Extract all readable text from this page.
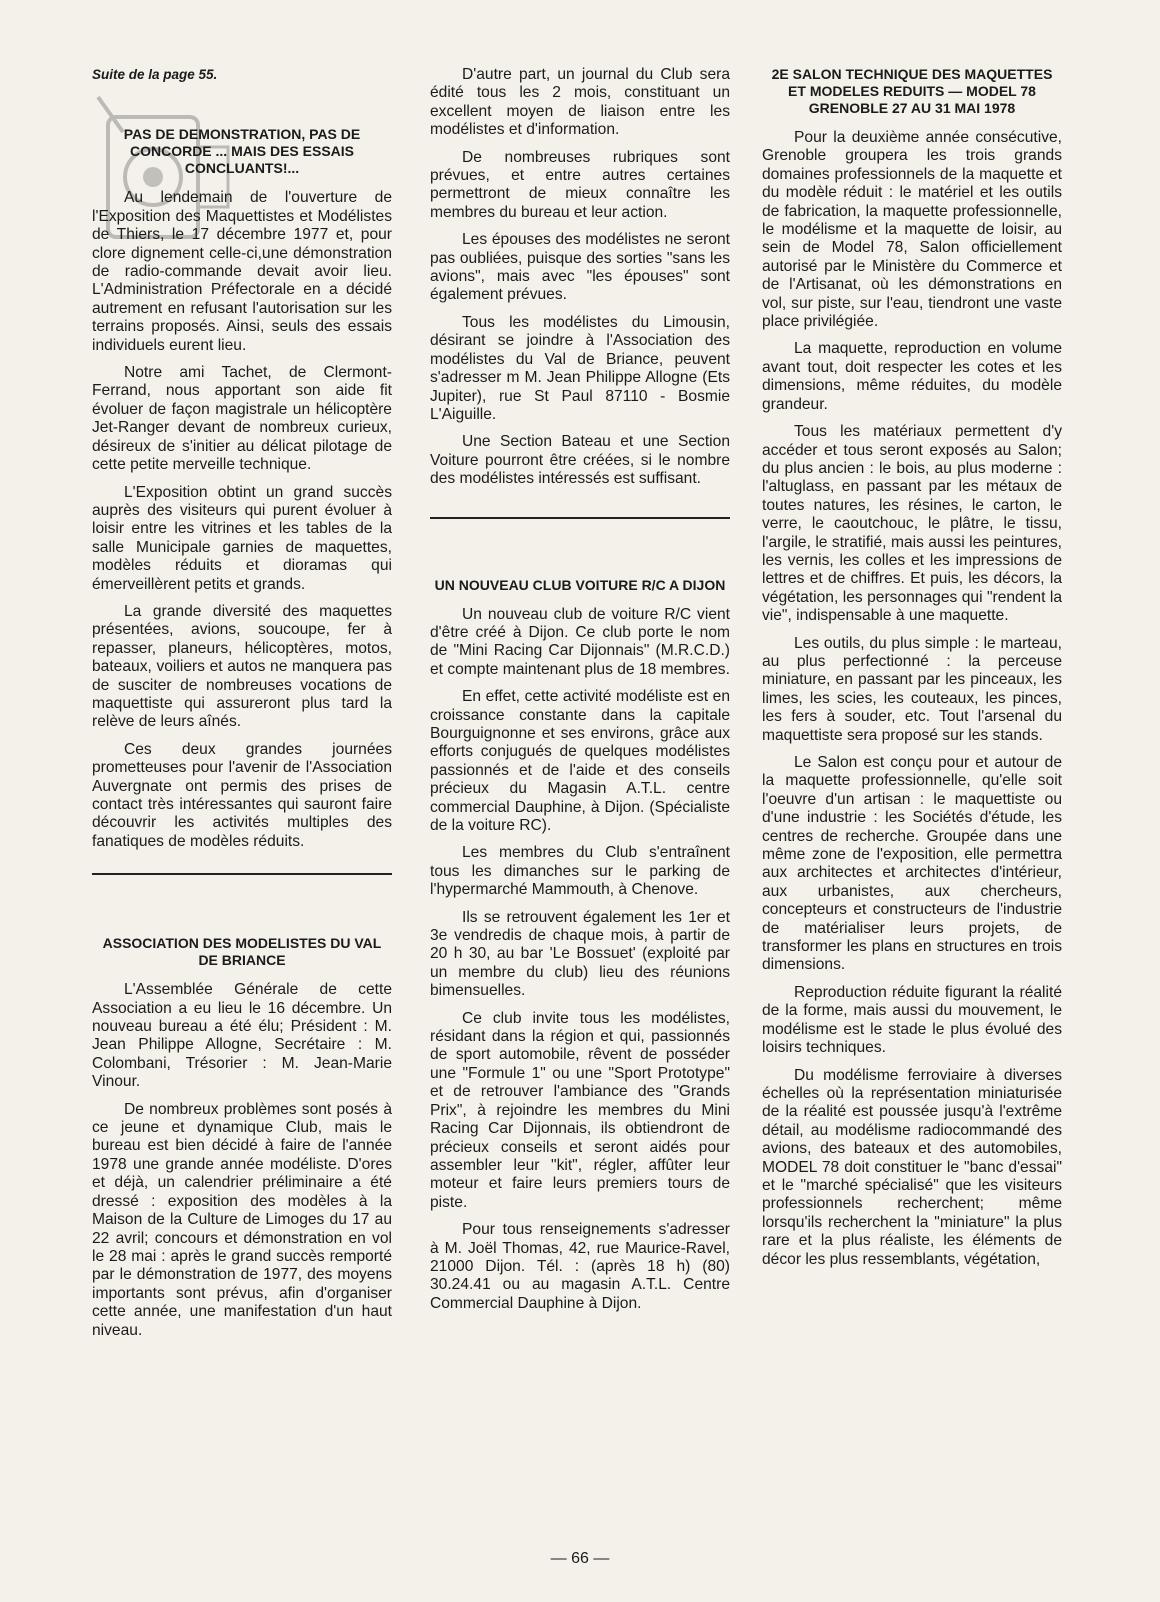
Suite de la page 55.

PAS DE DEMONSTRATION, PAS DE CONCORDE ... MAIS DES ESSAIS CONCLUANTS!...

Au lendemain de l'ouverture de l'Exposition des Maquettistes et Modélistes de Thiers, le 17 décembre 1977 et, pour clore dignement celle-ci,une démonstration de radio-commande devait avoir lieu. L'Administration Préfectorale en a décidé autrement en refusant l'autorisation sur les terrains proposés. Ainsi, seuls des essais individuels eurent lieu.

Notre ami Tachet, de Clermont-Ferrand, nous apportant son aide fit évoluer de façon magistrale un hélicoptère Jet-Ranger devant de nombreux curieux, désireux de s'initier au délicat pilotage de cette petite merveille technique.

L'Exposition obtint un grand succès auprès des visiteurs qui purent évoluer à loisir entre les vitrines et les tables de la salle Municipale garnies de maquettes, modèles réduits et dioramas qui émerveillèrent petits et grands.

La grande diversité des maquettes présentées, avions, soucoupe, fer à repasser, planeurs, hélicoptères, motos, bateaux, voiliers et autos ne manquera pas de susciter de nombreuses vocations de maquettiste qui assureront plus tard la relève de leurs aînés.

Ces deux grandes journées prometteuses pour l'avenir de l'Association Auvergnate ont permis des prises de contact très intéressantes qui sauront faire découvrir les activités multiples des fanatiques de modèles réduits.

ASSOCIATION DES MODELISTES DU VAL DE BRIANCE

L'Assemblée Générale de cette Association a eu lieu le 16 décembre. Un nouveau bureau a été élu; Président : M. Jean Philippe Allogne, Secrétaire : M. Colombani, Trésorier : M. Jean-Marie Vinour.

De nombreux problèmes sont posés à ce jeune et dynamique Club, mais le bureau est bien décidé à faire de l'année 1978 une grande année modéliste. D'ores et déjà, un calendrier préliminaire a été dressé : exposition des modèles à la Maison de la Culture de Limoges du 17 au 22 avril; concours et démonstration en vol le 28 mai : après le grand succès remporté par le démonstration de 1977, des moyens importants sont prévus, afin d'organiser cette année, une manifestation d'un haut niveau.

D'autre part, un journal du Club sera édité tous les 2 mois, constituant un excellent moyen de liaison entre les modélistes et d'information.

De nombreuses rubriques sont prévues, et entre autres certaines permettront de mieux connaître les membres du bureau et leur action.

Les épouses des modélistes ne seront pas oubliées, puisque des sorties "sans les avions", mais avec "les épouses" sont également prévues.

Tous les modélistes du Limousin, désirant se joindre à l'Association des modélistes du Val de Briance, peuvent s'adresser m M. Jean Philippe Allogne (Ets Jupiter), rue St Paul 87110 - Bosmie L'Aiguille.

Une Section Bateau et une Section Voiture pourront être créées, si le nombre des modélistes intéressés est suffisant.

UN NOUVEAU CLUB VOITURE R/C A DIJON

Un nouveau club de voiture R/C vient d'être créé à Dijon. Ce club porte le nom de "Mini Racing Car Dijonnais" (M.R.C.D.) et compte maintenant plus de 18 membres.

En effet, cette activité modéliste est en croissance constante dans la capitale Bourguignonne et ses environs, grâce aux efforts conjugués de quelques modélistes passionnés et de l'aide et des conseils précieux du Magasin A.T.L. centre commercial Dauphine, à Dijon. (Spécialiste de la voiture RC).

Les membres du Club s'entraînent tous les dimanches sur le parking de l'hypermarché Mammouth, à Chenove.

Ils se retrouvent également les 1er et 3e vendredis de chaque mois, à partir de 20 h 30, au bar 'Le Bossuet' (exploité par un membre du club) lieu des réunions bimensuelles.

Ce club invite tous les modélistes, résidant dans la région et qui, passionnés de sport automobile, rêvent de posséder une "Formule 1" ou une "Sport Prototype" et de retrouver l'ambiance des "Grands Prix", à rejoindre les membres du Mini Racing Car Dijonnais, ils obtiendront de précieux conseils et seront aidés pour assembler leur "kit", régler, affûter leur moteur et faire leurs premiers tours de piste.

Pour tous renseignements s'adresser à M. Joël Thomas, 42, rue Maurice-Ravel, 21000 Dijon. Tél. : (après 18 h) (80) 30.24.41 ou au magasin A.T.L. Centre Commercial Dauphine à Dijon.

2E SALON TECHNIQUE DES MAQUETTES ET MODELES REDUITS — MODEL 78 GRENOBLE 27 AU 31 MAI 1978

Pour la deuxième année consécutive, Grenoble groupera les trois grands domaines professionnels de la maquette et du modèle réduit : le matériel et les outils de fabrication, la maquette professionnelle, le modélisme et la maquette de loisir, au sein de Model 78, Salon officiellement autorisé par le Ministère du Commerce et de l'Artisanat, où les démonstrations en vol, sur piste, sur l'eau, tiendront une vaste place privilégiée.

La maquette, reproduction en volume avant tout, doit respecter les cotes et les dimensions, même réduites, du modèle grandeur.

Tous les matériaux permettent d'y accéder et tous seront exposés au Salon; du plus ancien : le bois, au plus moderne : l'altuglass, en passant par les métaux de toutes natures, les résines, le carton, le verre, le caoutchouc, le plâtre, le tissu, l'argile, le stratifié, mais aussi les peintures, les vernis, les colles et les impressions de lettres et de chiffres. Et puis, les décors, la végétation, les personnages qui "rendent la vie", indispensable à une maquette.

Les outils, du plus simple : le marteau, au plus perfectionné : la perceuse miniature, en passant par les pinceaux, les limes, les scies, les couteaux, les pinces, les fers à souder, etc. Tout l'arsenal du maquettiste sera proposé sur les stands.

Le Salon est conçu pour et autour de la maquette professionnelle, qu'elle soit l'oeuvre d'un artisan : le maquettiste ou d'une industrie : les Sociétés d'étude, les centres de recherche. Groupée dans une même zone de l'exposition, elle permettra aux architectes et architectes d'intérieur, aux urbanistes, aux chercheurs, concepteurs et constructeurs de l'industrie de matérialiser leurs projets, de transformer les plans en structures en trois dimensions.

Reproduction réduite figurant la réalité de la forme, mais aussi du mouvement, le modélisme est le stade le plus évolué des loisirs techniques.

Du modélisme ferroviaire à diverses échelles où la représentation miniaturisée de la réalité est poussée jusqu'à l'extrême détail, au modélisme radiocommandé des avions, des bateaux et des automobiles, MODEL 78 doit constituer le "banc d'essai" et le "marché spécialisé" que les visiteurs professionnels recherchent; même lorsqu'ils recherchent la "miniature" la plus rare et la plus réaliste, les éléments de décor les plus ressemblants, végétation,

— 66 —
